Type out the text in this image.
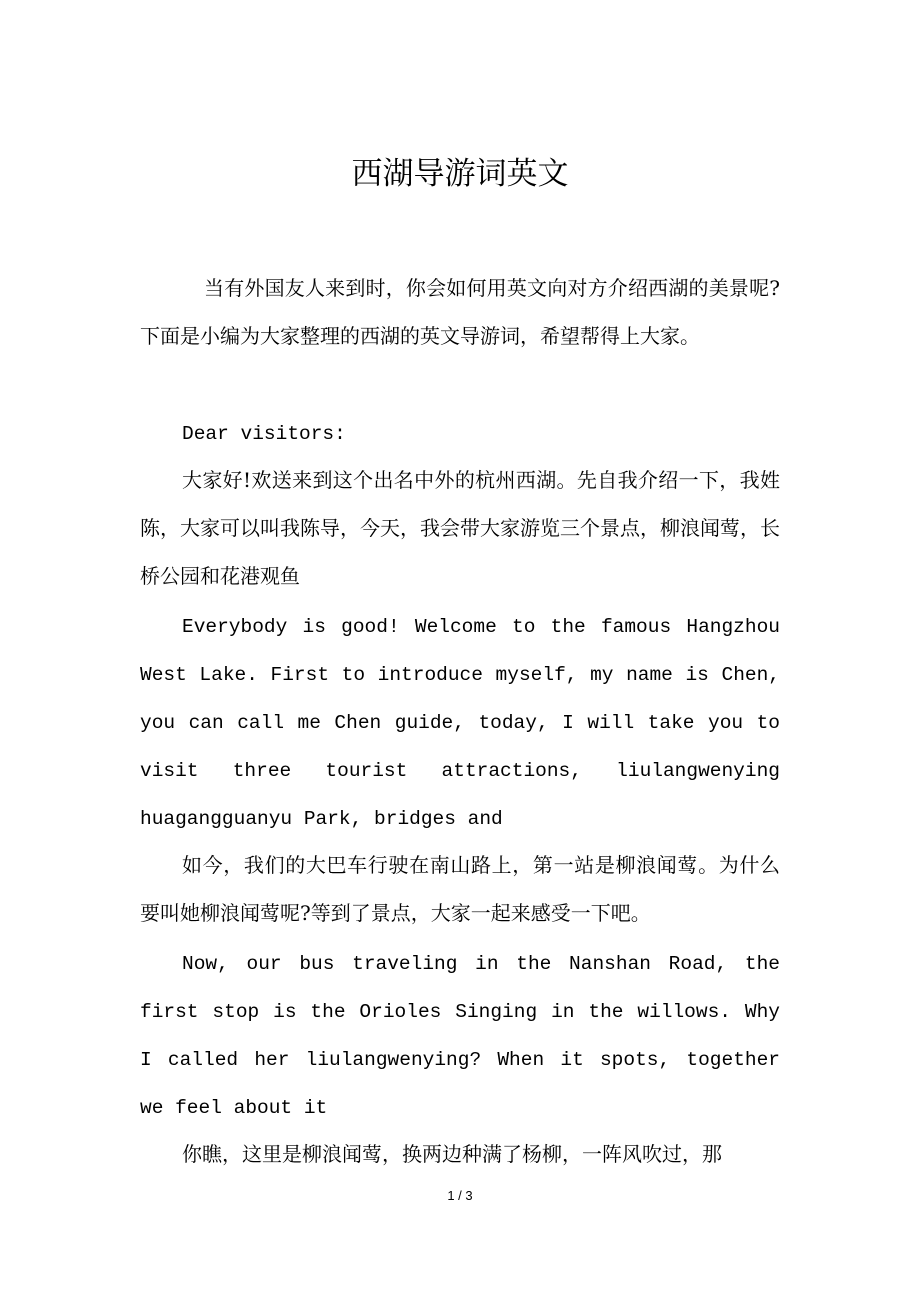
西湖导游词英文
当有外国友人来到时，你会如何用英文向对方介绍西湖的美景呢?下面是小编为大家整理的西湖的英文导游词，希望帮得上大家。
Dear visitors:
大家好!欢送来到这个出名中外的杭州西湖。先自我介绍一下，我姓陈，大家可以叫我陈导，今天，我会带大家游览三个景点，柳浪闻莺，长桥公园和花港观鱼
Everybody is good! Welcome to the famous Hangzhou West Lake. First to introduce myself, my name is Chen, you can call me Chen guide, today, I will take you to visit three tourist attractions, liulangwenying huagangguanyu Park, bridges and
如今，我们的大巴车行驶在南山路上，第一站是柳浪闻莺。为什么要叫她柳浪闻莺呢?等到了景点，大家一起来感受一下吧。
Now, our bus traveling in the Nanshan Road, the first stop is the Orioles Singing in the willows. Why I called her liulangwenying? When it spots, together we feel about it
你瞧，这里是柳浪闻莺，换两边种满了杨柳，一阵风吹过，那
1 / 3
